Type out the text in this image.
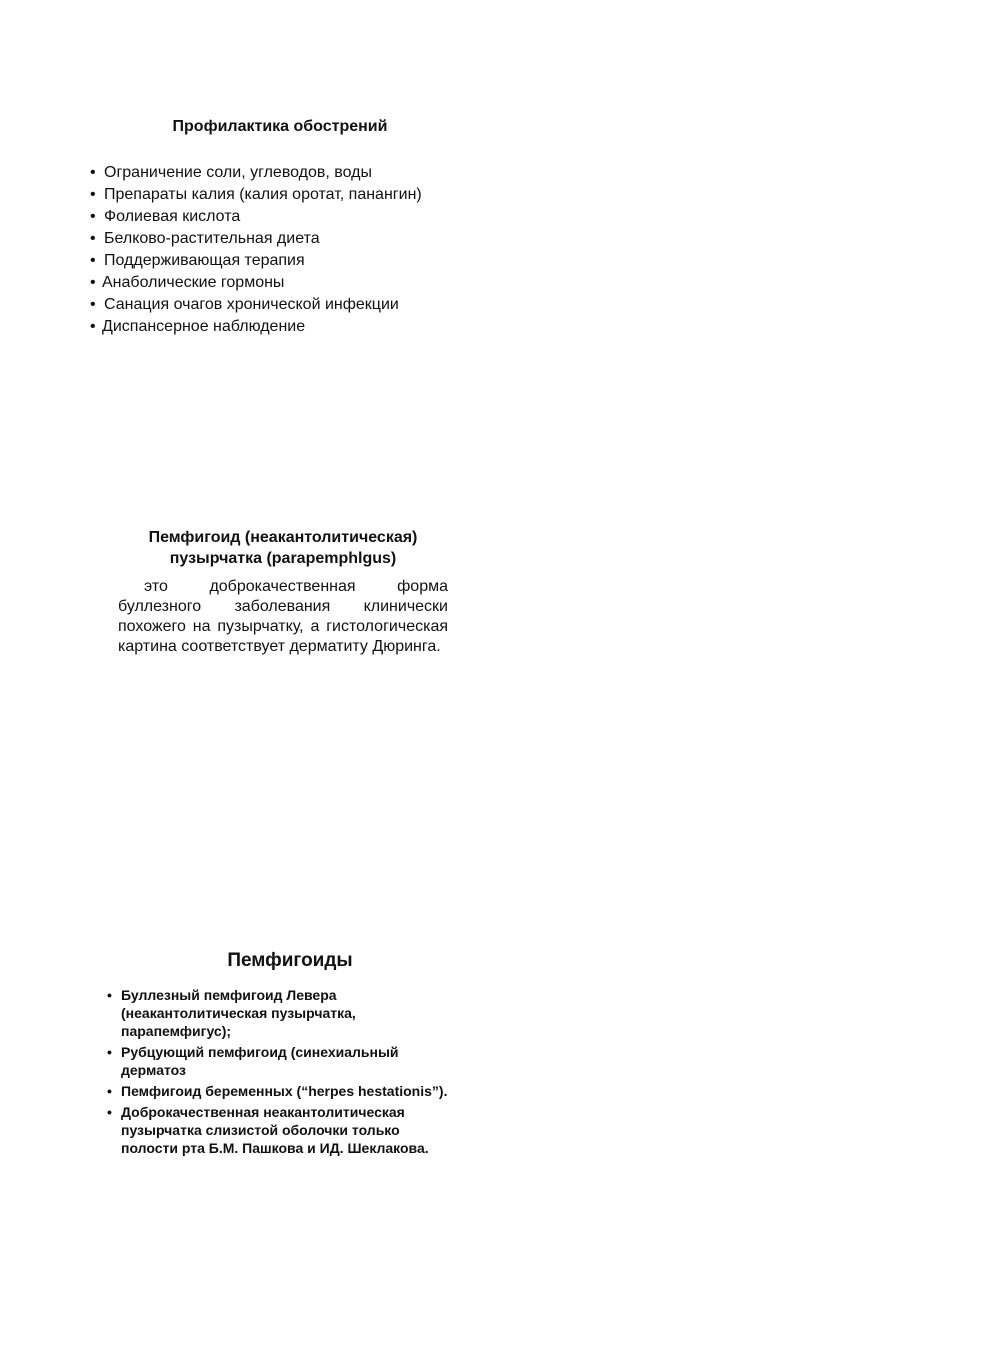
Профилактика обострений
• Ограничение соли, углеводов, воды
• Препараты калия (калия оротат, панангин)
• Фолиевая кислота
• Белково-растительная диета
• Поддерживающая терапия
• Анаболические гормоны
• Санация очагов хронической инфекции
• Диспансерное наблюдение
Пемфигоид (неакантолитическая)
пузырчатка (parapemphlgus)

это доброкачественная форма буллезного заболевания клинически похожего на пузырчатку, а гистологическая картина соответствует дерматиту Дюринга.

Пемфигоиды
• Буллезный пемфигоид Левера (неакантолитическая пузырчатка, парапемфигус);
• Рубцующий пемфигоид (синехиальный дерматоз
• Пемфигоид беременных (“herpes hestationis”).
• Доброкачественная неакантолитическая пузырчатка слизистой оболочки только полости рта Б.М. Пашкова и ИД. Шеклакова.
